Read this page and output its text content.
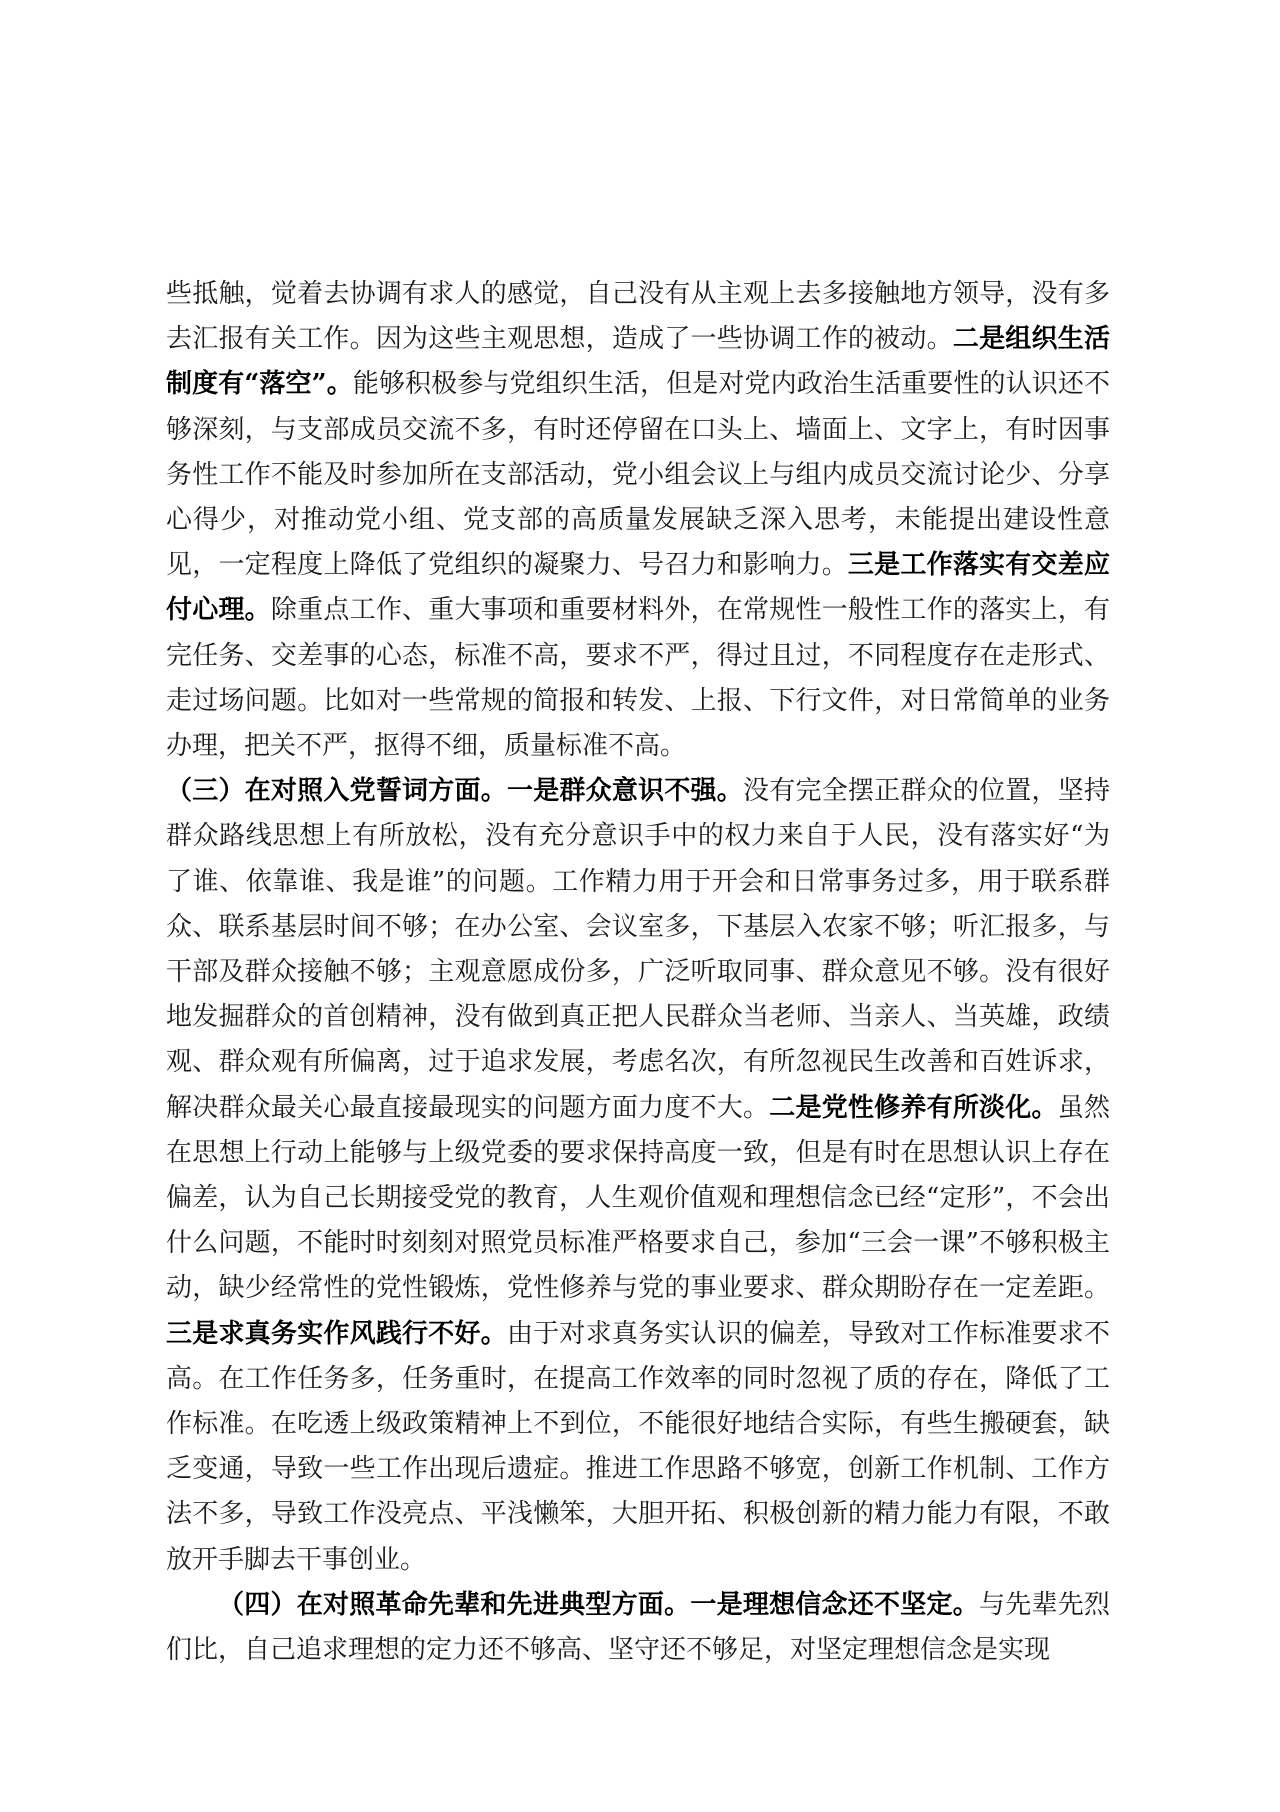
些抵触，觉着去协调有求人的感觉，自己没有从主观上去多接触地方领导，没有多去汇报有关工作。因为这些主观思想，造成了一些协调工作的被动。二是组织生活制度有“落空”。能够积极参与党组织生活，但是对党内政治生活重要性的认识还不够深刻，与支部成员交流不多，有时还停留在口头上、墙面上、文字上，有时因事务性工作不能及时参加所在支部活动，党小组会议上与组内成员交流讨论少、分享心得少，对推动党小组、党支部的高质量发展缺乏深入思考，未能提出建设性意见，一定程度上降低了党组织的凝聚力、号召力和影响力。三是工作落实有交差应付心理。除重点工作、重大事项和重要材料外，在常规性一般性工作的落实上，有完任务、交差事的心态，标准不高，要求不严，得过且过，不同程度存在走形式、走过场问题。比如对一些常规的简报和转发、上报、下行文件，对日常简单的业务办理，把关不严，抠得不细，质量标准不高。

（三）在对照入党誓词方面。一是群众意识不强。没有完全摆正群众的位置，坚持群众路线思想上有所放松，没有充分意识手中的权力来自于人民，没有落实好“为了谁、依靠谁、我是谁”的问题。工作精力用于开会和日常事务过多，用于联系群众、联系基层时间不够；在办公室、会议室多，下基层入农家不够；听汇报多，与干部及群众接触不够；主观意愿成份多，广泛听取同事、群众意见不够。没有很好地发掘群众的首创精神，没有做到真正把人民群众当老师、当亲人、当英雄，政绩观、群众观有所偏离，过于追求发展，考虑名次，有所忽视民生改善和百姓诉求，解决群众最关心最直接最现实的问题方面力度不大。二是党性修养有所淡化。虽然在思想上行动上能够与上级党委的要求保持高度一致，但是有时在思想认识上存在偏差，认为自己长期接受党的教育，人生观价值观和理想信念已经“定形”，不会出什么问题，不能时时刻刻对照党员标准严格要求自己，参加“三会一课”不够积极主动，缺少经常性的党性锻炼，党性修养与党的事业要求、群众期盼存在一定差距。三是求真务实作风践行不好。由于对求真务实认识的偏差，导致对工作标准要求不高。在工作任务多，任务重时，在提高工作效率的同时忽视了质的存在，降低了工作标准。在吃透上级政策精神上不到位，不能很好地结合实际，有些生搬硬套，缺乏变通，导致一些工作出现后遗症。推进工作思路不够宽，创新工作机制、工作方法不多，导致工作没亮点、平浅懒笨，大胆开拓、积极创新的精力能力有限，不敢放开手脚去干事创业。

（四）在对照革命先辈和先进典型方面。一是理想信念还不坚定。与先辈先烈们比，自己追求理想的定力还不够高、坚守还不够足，对坚定理想信念是实现
